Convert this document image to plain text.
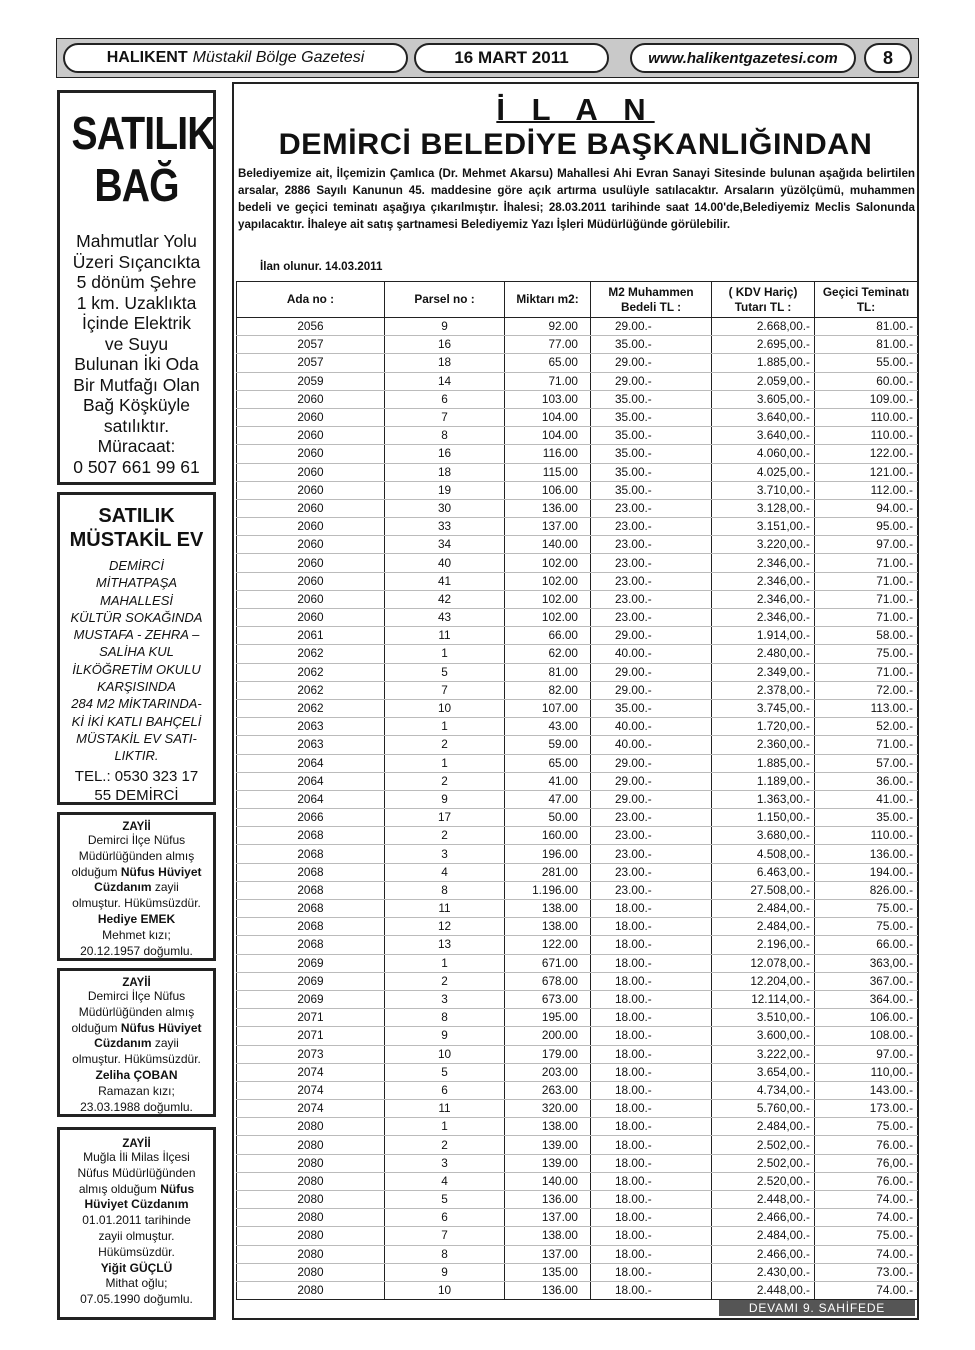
HALIKENT Müstakil Bölge Gazetesi	16 MART 2011	www.halikentgazetesi.com	8
SATILIK
BAĞ
Mahmutlar Yolu
Üzeri Sıçancıkta
5 dönüm Şehre
1 km. Uzaklıkta
İçinde Elektrik
ve Suyu
Bulunan İki Oda
Bir Mutfağı Olan
Bağ Köşküyle
satılıktır.
Müracaat:
0 507 661 99 61
SATILIK
MÜSTAKİL EV
DEMİRCİ
MİTHATPAŞA
MAHALLESİ
KÜLTÜR SOKAĞINDA
MUSTAFA - ZEHRA –
SALİHA KUL
İLKÖĞRETİM OKULU
KARŞISINDA
284 M2 MİKTARINDA-
Kİ İKİ KATLI BAHÇELİ
MÜSTAKİL EV SATI-
LIKTIR.
TEL.: 0530 323 17
55 DEMİRCİ
ZAYİİ
Demirci İlçe Nüfus
Müdürlüğünden almış
olduğum Nüfus Hüviyet
Cüzdanım zayii
olmuştur. Hükümsüzdür.
Hediye EMEK
Mehmet kızı;
20.12.1957 doğumlu.
ZAYİİ
Demirci İlçe Nüfus
Müdürlüğünden almış
olduğum Nüfus Hüviyet
Cüzdanım zayii
olmuştur. Hükümsüzdür.
Zeliha ÇOBAN
Ramazan kızı;
23.03.1988 doğumlu.
ZAYİİ
Muğla İli Milas İlçesi
Nüfus Müdürlüğünden
almış olduğum Nüfus
Hüviyet Cüzdanım
01.01.2011 tarihinde
zayii olmuştur.
Hükümsüzdür.
Yiğit GÜÇLÜ
Mithat oğlu;
07.05.1990 doğumlu.
İ L A N
DEMİRCİ BELEDİYE BAŞKANLIĞINDAN
Belediyemize ait, İlçemizin Çamlıca (Dr. Mehmet Akarsu) Mahallesi Ahi Evran Sanayi Sitesinde bulunan aşağıda belirtilen arsalar, 2886 Sayılı Kanunun 45. maddesine göre açık artırma usulüyle satılacaktır. Arsaların yüzölçümü, muhammen bedeli ve geçici teminatı aşağıya çıkarılmıştır. İhalesi; 28.03.2011 tarihinde saat 14.00'de,Belediyemiz Meclis Salonunda yapılacaktır. İhaleye ait satış şartnamesi Belediyemiz Yazı İşleri Müdürlüğünde görülebilir.
İlan olunur. 14.03.2011
Ada no :	Parsel no :	Miktarı m2:	M2 Muhammen Bedeli TL :	( KDV Hariç) Tutarı TL :	Geçici Teminatı TL:
2056	9	92.00	29.00.-	2.668,00.-	81.00.-
2057	16	77.00	35.00.-	2.695,00.-	81.00.-
2057	18	65.00	29.00.-	1.885,00.-	55.00.-
2059	14	71.00	29.00.-	2.059,00.-	60.00.-
2060	6	103.00	35.00.-	3.605,00.-	109.00.-
2060	7	104.00	35.00.-	3.640,00.-	110.00.-
2060	8	104.00	35.00.-	3.640,00.-	110.00.-
2060	16	116.00	35.00.-	4.060,00.-	122.00.-
2060	18	115.00	35.00.-	4.025,00.-	121.00.-
2060	19	106.00	35.00.-	3.710,00.-	112.00.-
2060	30	136.00	23.00.-	3.128,00.-	94.00.-
2060	33	137.00	23.00.-	3.151,00.-	95.00.-
2060	34	140.00	23.00.-	3.220,00.-	97.00.-
2060	40	102.00	23.00.-	2.346,00.-	71.00.-
2060	41	102.00	23.00.-	2.346,00.-	71.00.-
2060	42	102.00	23.00.-	2.346,00.-	71.00.-
2060	43	102.00	23.00.-	2.346,00.-	71.00.-
2061	11	66.00	29.00.-	1.914,00.-	58.00.-
2062	1	62.00	40.00.-	2.480,00.-	75.00.-
2062	5	81.00	29.00.-	2.349,00.-	71.00.-
2062	7	82.00	29.00.-	2.378,00.-	72.00.-
2062	10	107.00	35.00.-	3.745,00.-	113.00.-
2063	1	43.00	40.00.-	1.720,00.-	52.00.-
2063	2	59.00	40.00.-	2.360,00.-	71.00.-
2064	1	65.00	29.00.-	1.885,00.-	57.00.-
2064	2	41.00	29.00.-	1.189,00.-	36.00.-
2064	9	47.00	29.00.-	1.363,00.-	41.00.-
2066	17	50.00	23.00.-	1.150,00.-	35.00.-
2068	2	160.00	23.00.-	3.680,00.-	110.00.-
2068	3	196.00	23.00.-	4.508,00.-	136.00.-
2068	4	281.00	23.00.-	6.463,00.-	194.00.-
2068	8	1.196.00	23.00.-	27.508,00.-	826.00.-
2068	11	138.00	18.00.-	2.484,00.-	75.00.-
2068	12	138.00	18.00.-	2.484,00.-	75.00.-
2068	13	122.00	18.00.-	2.196,00.-	66.00.-
2069	1	671.00	18.00.-	12.078,00.-	363,00.-
2069	2	678.00	18.00.-	12.204,00.-	367.00.-
2069	3	673.00	18.00.-	12.114,00.-	364.00.-
2071	8	195.00	18.00.-	3.510,00.-	106.00.-
2071	9	200.00	18.00.-	3.600,00.-	108.00.-
2073	10	179.00	18.00.-	3.222,00.-	97.00.-
2074	5	203.00	18.00.-	3.654,00.-	110,00.-
2074	6	263.00	18.00.-	4.734,00.-	143.00.-
2074	11	320.00	18.00.-	5.760,00.-	173.00.-
2080	1	138.00	18.00.-	2.484,00.-	75.00.-
2080	2	139.00	18.00.-	2.502,00.-	76.00.-
2080	3	139.00	18.00.-	2.502,00.-	76,00.-
2080	4	140.00	18.00.-	2.520,00.-	76.00.-
2080	5	136.00	18.00.-	2.448,00.-	74.00.-
2080	6	137.00	18.00.-	2.466,00.-	74.00.-
2080	7	138.00	18.00.-	2.484,00.-	75.00.-
2080	8	137.00	18.00.-	2.466,00.-	74.00.-
2080	9	135.00	18.00.-	2.430,00.-	73.00.-
2080	10	136.00	18.00.-	2.448,00.-	74.00.-
DEVAMI 9. SAHİFEDE
